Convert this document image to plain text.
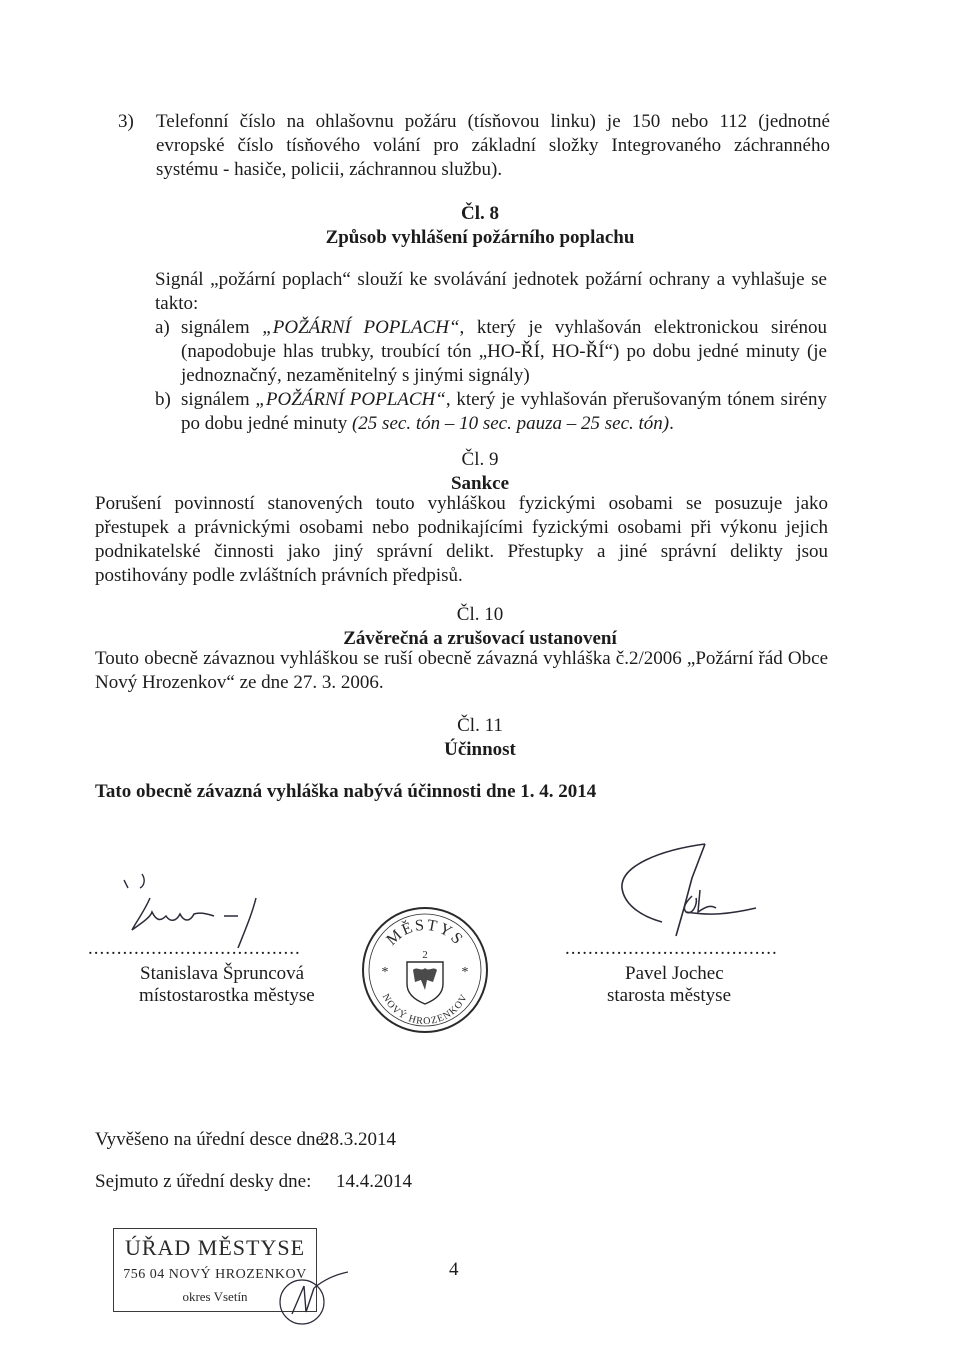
3)	Telefonní číslo na ohlašovnu požáru (tísňovou linku) je 150 nebo 112 (jednotné evropské číslo tísňového volání pro základní složky Integrovaného záchranného systému - hasiče, policii, záchrannou službu).
Čl. 8
Způsob vyhlášení požárního poplachu
Signál „požární poplach“ slouží ke svolávání jednotek požární ochrany a vyhlašuje se takto:
a) signálem „POŽÁRNÍ POPLACH“, který je vyhlašován elektronickou sirénou (napodobuje hlas trubky, troubící tón „HO-ŘÍ, HO-ŘÍ“) po dobu jedné minuty (je jednoznačný, nezaměnitelný s jinými signály)
b) signálem „POŽÁRNÍ POPLACH“, který je vyhlašován přerušovaným tónem sirény po dobu jedné minuty (25 sec. tón – 10 sec. pauza – 25 sec. tón).
Čl. 9
Sankce
Porušení povinností stanovených touto vyhláškou fyzickými osobami se posuzuje jako přestupek a právnickými osobami nebo podnikajícími fyzickými osobami při výkonu jejich podnikatelské činnosti jako jiný správní delikt. Přestupky a jiné správní delikty jsou postihovány podle zvláštních právních předpisů.
Čl. 10
Závěrečná a zrušovací ustanovení
Touto obecně závaznou vyhláškou se ruší obecně závazná vyhláška č.2/2006 „Požární řád Obce Nový Hrozenkov“ ze dne 27. 3. 2006.
Čl. 11
Účinnost
Tato obecně závazná vyhláška nabývá účinnosti dne 1. 4. 2014
.....................................
Stanislava Špruncová
místostarostka městyse
.....................................
Pavel Jochec
starosta městyse
MĚSTYS
NOVÝ HROZENKOV
2
*	*
Vyvěšeno na úřední desce dne:
28.3.2014
Sejmuto z úřední desky dne:	14.4.2014
ÚŘAD MĚSTYSE
756 04 NOVÝ HROZENKOV
okres Vsetín
4
